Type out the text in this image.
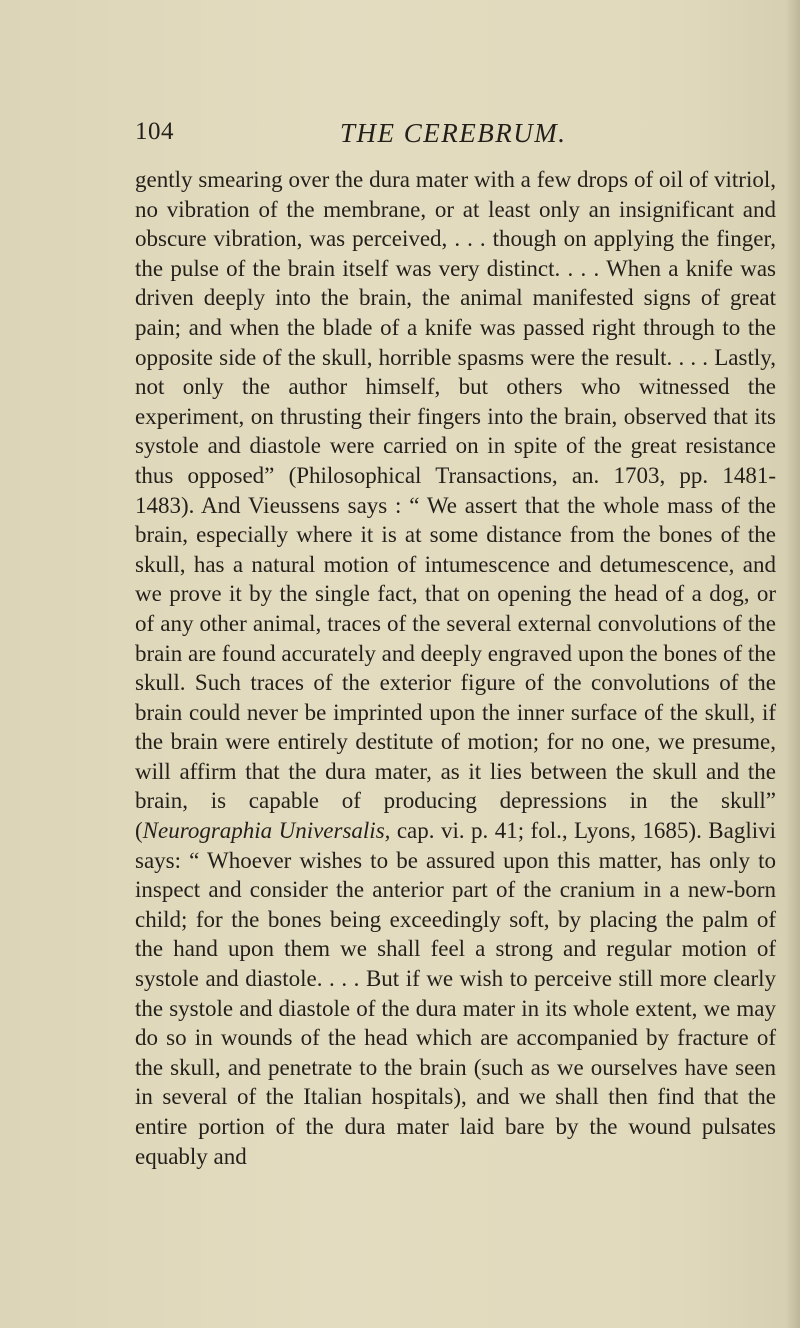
104	THE CEREBRUM.

gently smearing over the dura mater with a few drops of oil of vitriol, no vibration of the membrane, or at least only an insignificant and obscure vibration, was perceived, . . . though on applying the finger, the pulse of the brain itself was very distinct. . . . When a knife was driven deeply into the brain, the animal manifested signs of great pain; and when the blade of a knife was passed right through to the opposite side of the skull, horrible spasms were the result. . . . Lastly, not only the author himself, but others who witnessed the experiment, on thrusting their fingers into the brain, observed that its systole and diastole were carried on in spite of the great resistance thus opposed” (Philosophical Transactions, an. 1703, pp. 1481-1483). And Vieussens says : “ We assert that the whole mass of the brain, especially where it is at some distance from the bones of the skull, has a natural motion of intumescence and detumescence, and we prove it by the single fact, that on opening the head of a dog, or of any other animal, traces of the several external convolutions of the brain are found accurately and deeply engraved upon the bones of the skull. Such traces of the exterior figure of the convolutions of the brain could never be imprinted upon the inner surface of the skull, if the brain were entirely destitute of motion; for no one, we presume, will affirm that the dura mater, as it lies between the skull and the brain, is capable of producing depressions in the skull” (Neurographia Universalis, cap. vi. p. 41; fol., Lyons, 1685). Baglivi says: “ Whoever wishes to be assured upon this matter, has only to inspect and consider the anterior part of the cranium in a new-born child; for the bones being exceedingly soft, by placing the palm of the hand upon them we shall feel a strong and regular motion of systole and diastole. . . . But if we wish to perceive still more clearly the systole and diastole of the dura mater in its whole extent, we may do so in wounds of the head which are accompanied by fracture of the skull, and penetrate to the brain (such as we ourselves have seen in several of the Italian hospitals), and we shall then find that the entire portion of the dura mater laid bare by the wound pulsates equably and
